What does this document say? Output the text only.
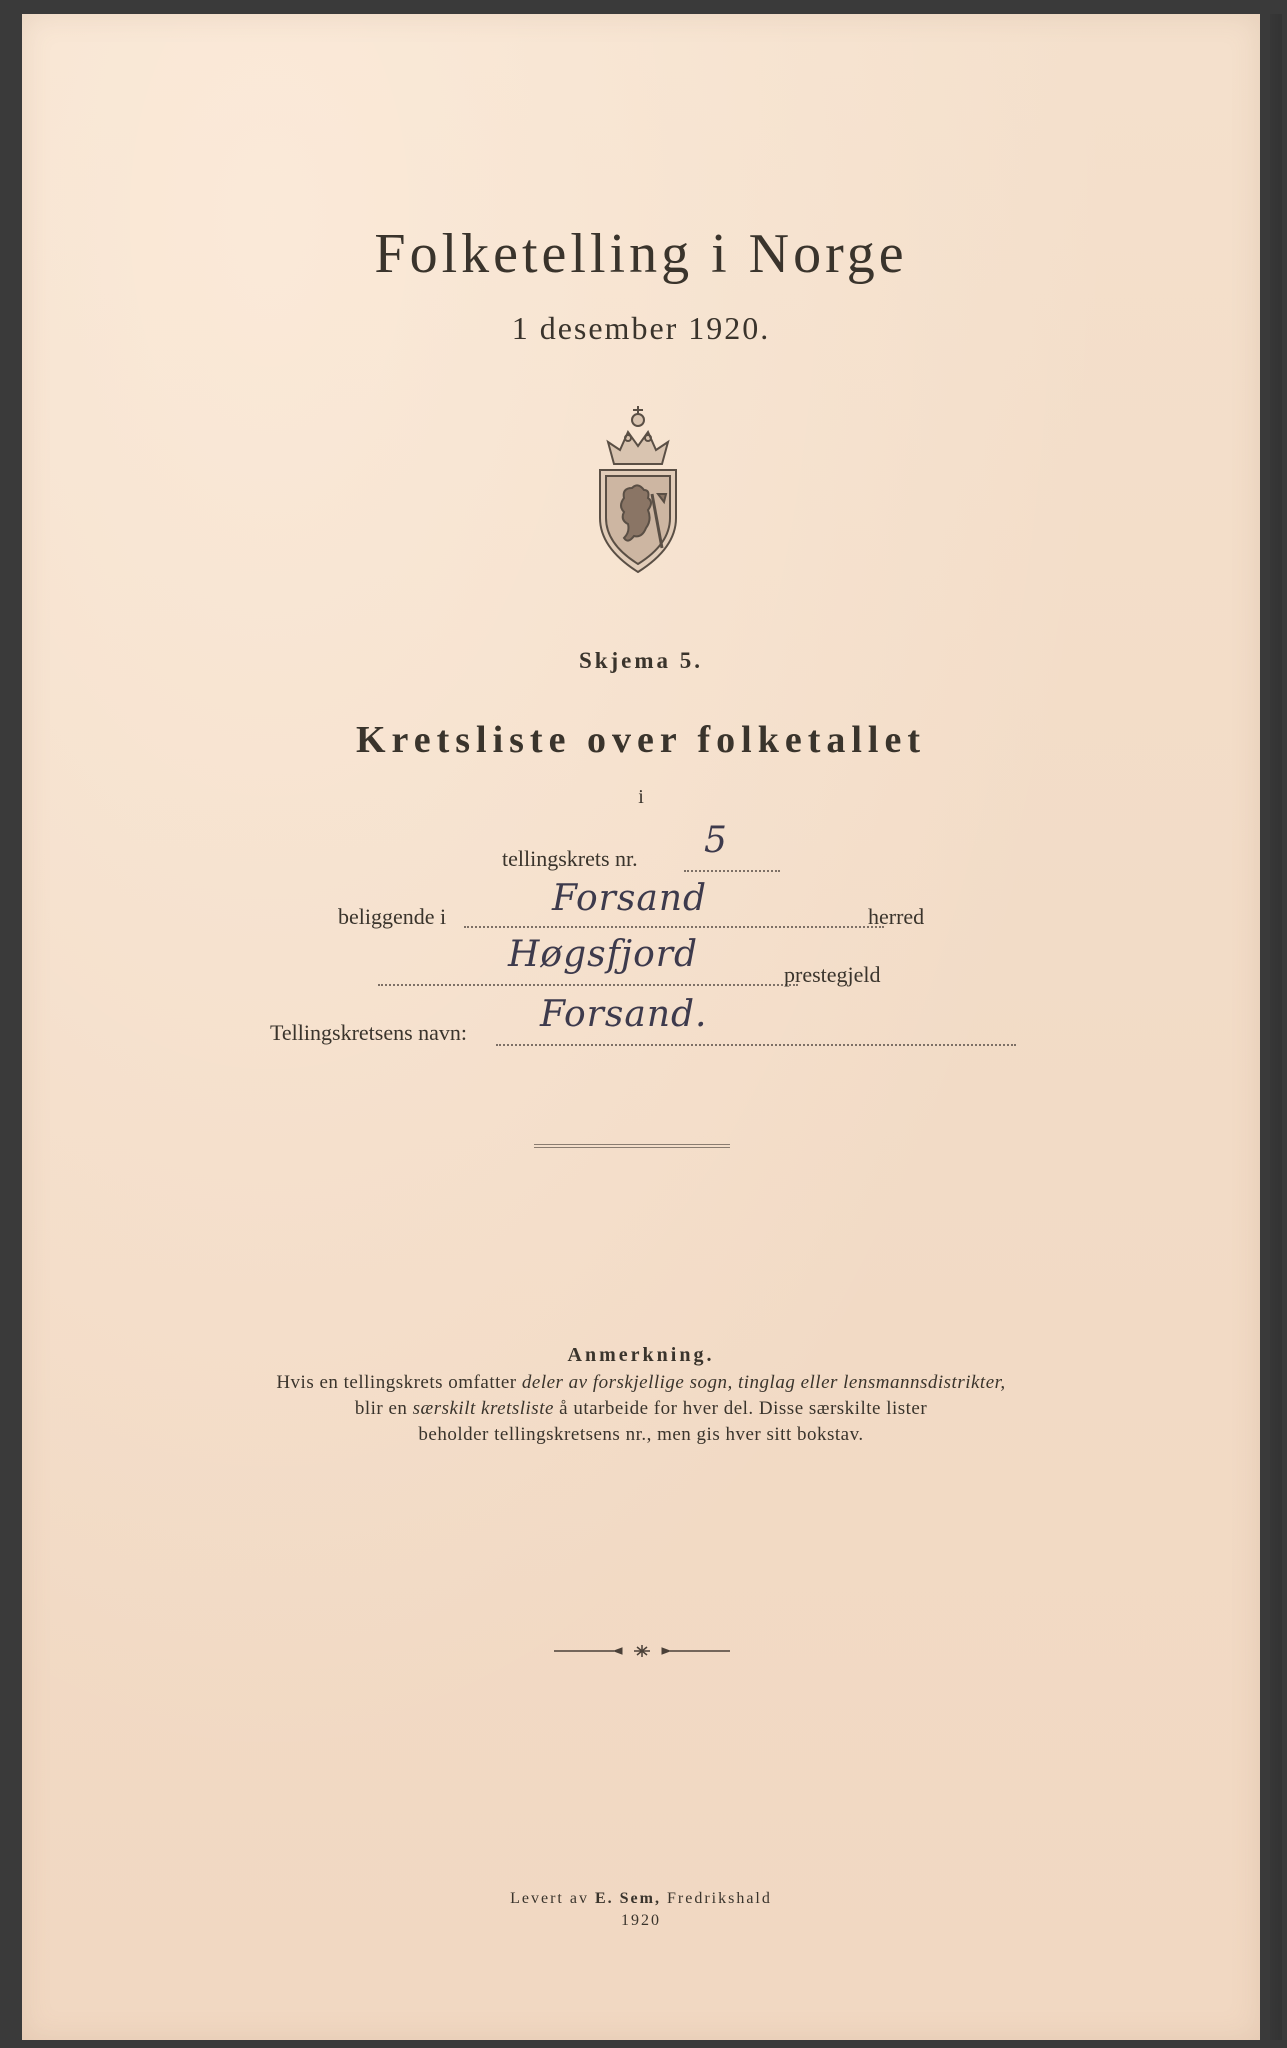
Folketelling i Norge
1 desember 1920.
Skjema 5.
Kretsliste over folketallet
i
tellingskrets nr. 5
beliggende i	Forsand	herred
Høgsfjord	prestegjeld
Tellingskretsens navn: Forsand.
Anmerkning.
Hvis en tellingskrets omfatter deler av forskjellige sogn, tinglag eller lensmannsdistrikter,
blir en særskilt kretsliste å utarbeide for hver del. Disse særskilte lister
beholder tellingskretsens nr., men gis hver sitt bokstav.
Levert av E. Sem, Fredrikshald
1920
